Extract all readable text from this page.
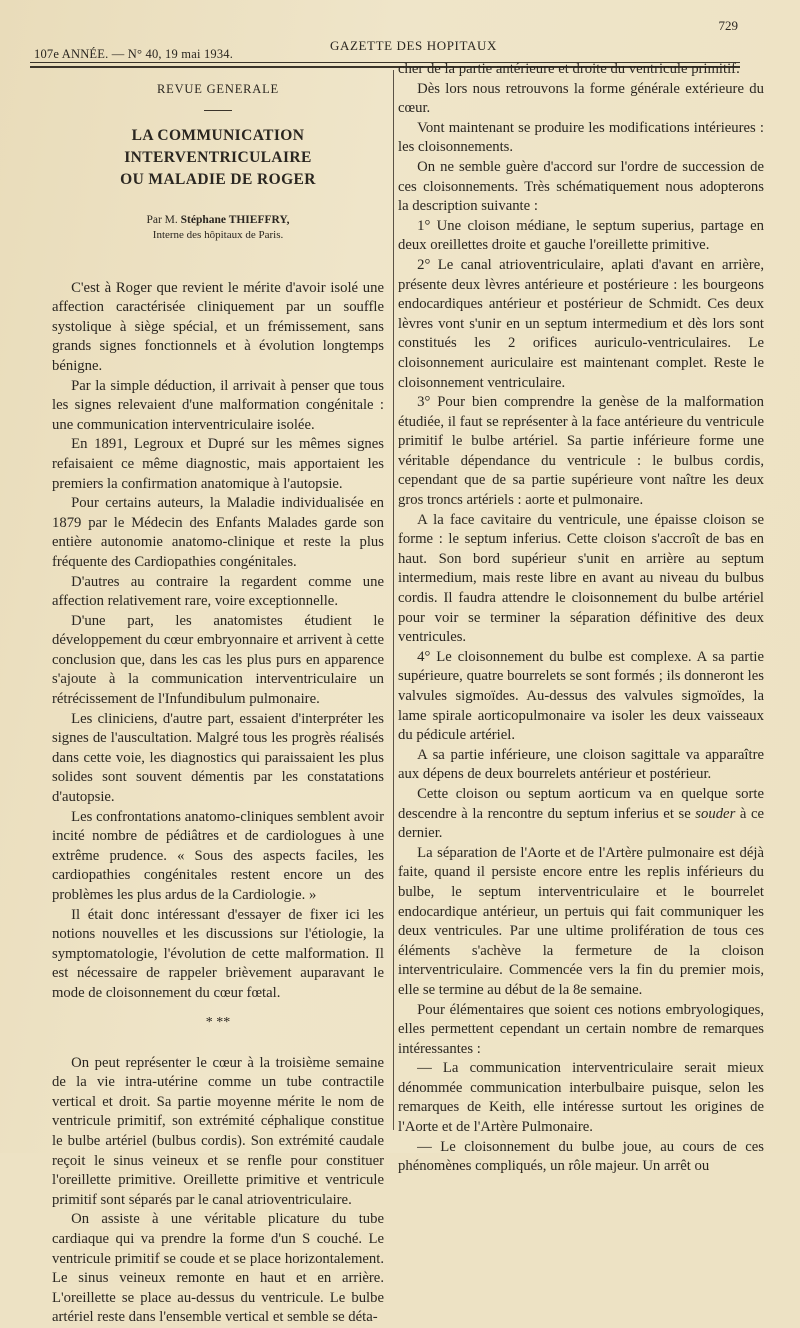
729
107e ANNÉE. — N° 40, 19 mai 1934.
GAZETTE DES HOPITAUX
REVUE GENERALE
LA COMMUNICATION INTERVENTRICULAIRE
OU MALADIE DE ROGER
Par M. Stéphane THIEFFRY,
Interne des hôpitaux de Paris.

C'est à Roger que revient le mérite d'avoir isolé une affection caractérisée cliniquement par un souffle systolique à siège spécial, et un frémissement, sans grands signes fonctionnels et à évolution longtemps bénigne.

Par la simple déduction, il arrivait à penser que tous les signes relevaient d'une malformation congénitale : une communication interventriculaire isolée.

En 1891, Legroux et Dupré sur les mêmes signes refaisaient ce même diagnostic, mais apportaient les premiers la confirmation anatomique à l'autopsie.

Pour certains auteurs, la Maladie individualisée en 1879 par le Médecin des Enfants Malades garde son entière autonomie anatomo-clinique et reste la plus fréquente des Cardiopathies congénitales.

D'autres au contraire la regardent comme une affection relativement rare, voire exceptionnelle.

D'une part, les anatomistes étudient le développement du cœur embryonnaire et arrivent à cette conclusion que, dans les cas les plus purs en apparence s'ajoute à la communication interventriculaire un rétrécissement de l'Infundibulum pulmonaire.

Les cliniciens, d'autre part, essaient d'interpréter les signes de l'auscultation. Malgré tous les progrès réalisés dans cette voie, les diagnostics qui paraissaient les plus solides sont souvent démentis par les constatations d'autopsie.

Les confrontations anatomo-cliniques semblent avoir incité nombre de pédiâtres et de cardiologues à une extrême prudence. « Sous des aspects faciles, les cardiopathies congénitales restent encore un des problèmes les plus ardus de la Cardiologie. »

Il était donc intéressant d'essayer de fixer ici les notions nouvelles et les discussions sur l'étiologie, la symptomatologie, l'évolution de cette malformation. Il est nécessaire de rappeler brièvement auparavant le mode de cloisonnement du cœur fœtal.

* **

On peut représenter le cœur à la troisième semaine de la vie intra-utérine comme un tube contractile vertical et droit. Sa partie moyenne mérite le nom de ventricule primitif, son extrémité céphalique constitue le bulbe artériel (bulbus cordis). Son extrémité caudale reçoit le sinus veineux et se renfle pour constituer l'oreillette primitive. Oreillette primitive et ventricule primitif sont séparés par le canal atrioventriculaire.

On assiste à une véritable plicature du tube cardiaque qui va prendre la forme d'un S couché. Le ventricule primitif se coude et se place horizontalement. Le sinus veineux remonte en haut et en arrière. L'oreillette se place au-dessus du ventricule. Le bulbe artériel reste dans l'ensemble vertical et semble se déta-

cher de la partie antérieure et droite du ventricule primitif.

Dès lors nous retrouvons la forme générale extérieure du cœur.

Vont maintenant se produire les modifications intérieures : les cloisonnements.

On ne semble guère d'accord sur l'ordre de succession de ces cloisonnements. Très schématiquement nous adopterons la description suivante :

1° Une cloison médiane, le septum superius, partage en deux oreillettes droite et gauche l'oreillette primitive.

2° Le canal atrioventriculaire, aplati d'avant en arrière, présente deux lèvres antérieure et postérieure : les bourgeons endocardiques antérieur et postérieur de Schmidt. Ces deux lèvres vont s'unir en un septum intermedium et dès lors sont constitués les 2 orifices auriculo-ventriculaires. Le cloisonnement auriculaire est maintenant complet. Reste le cloisonnement ventriculaire.

3° Pour bien comprendre la genèse de la malformation étudiée, il faut se représenter à la face antérieure du ventricule primitif le bulbe artériel. Sa partie inférieure forme une véritable dépendance du ventricule : le bulbus cordis, cependant que de sa partie supérieure vont naître les deux gros troncs artériels : aorte et pulmonaire.

A la face cavitaire du ventricule, une épaisse cloison se forme : le septum inferius. Cette cloison s'accroît de bas en haut. Son bord supérieur s'unit en arrière au septum intermedium, mais reste libre en avant au niveau du bulbus cordis. Il faudra attendre le cloisonnement du bulbe artériel pour voir se terminer la séparation définitive des deux ventricules.

4° Le cloisonnement du bulbe est complexe. A sa partie supérieure, quatre bourrelets se sont formés ; ils donneront les valvules sigmoïdes. Au-dessus des valvules sigmoïdes, la lame spirale aorticopulmonaire va isoler les deux vaisseaux du pédicule artériel.

A sa partie inférieure, une cloison sagittale va apparaître aux dépens de deux bourrelets antérieur et postérieur.

Cette cloison ou septum aorticum va en quelque sorte descendre à la rencontre du septum inferius et se souder à ce dernier.

La séparation de l'Aorte et de l'Artère pulmonaire est déjà faite, quand il persiste encore entre les replis inférieurs du bulbe, le septum interventriculaire et le bourrelet endocardique antérieur, un pertuis qui fait communiquer les deux ventricules. Par une ultime prolifération de tous ces éléments s'achève la fermeture de la cloison interventriculaire. Commencée vers la fin du premier mois, elle se termine au début de la 8e semaine.

Pour élémentaires que soient ces notions embryologiques, elles permettent cependant un certain nombre de remarques intéressantes :

— La communication interventriculaire serait mieux dénommée communication interbulbaire puisque, selon les remarques de Keith, elle intéresse surtout les origines de l'Aorte et de l'Artère Pulmonaire.

— Le cloisonnement du bulbe joue, au cours de ces phénomènes compliqués, un rôle majeur. Un arrêt ou
